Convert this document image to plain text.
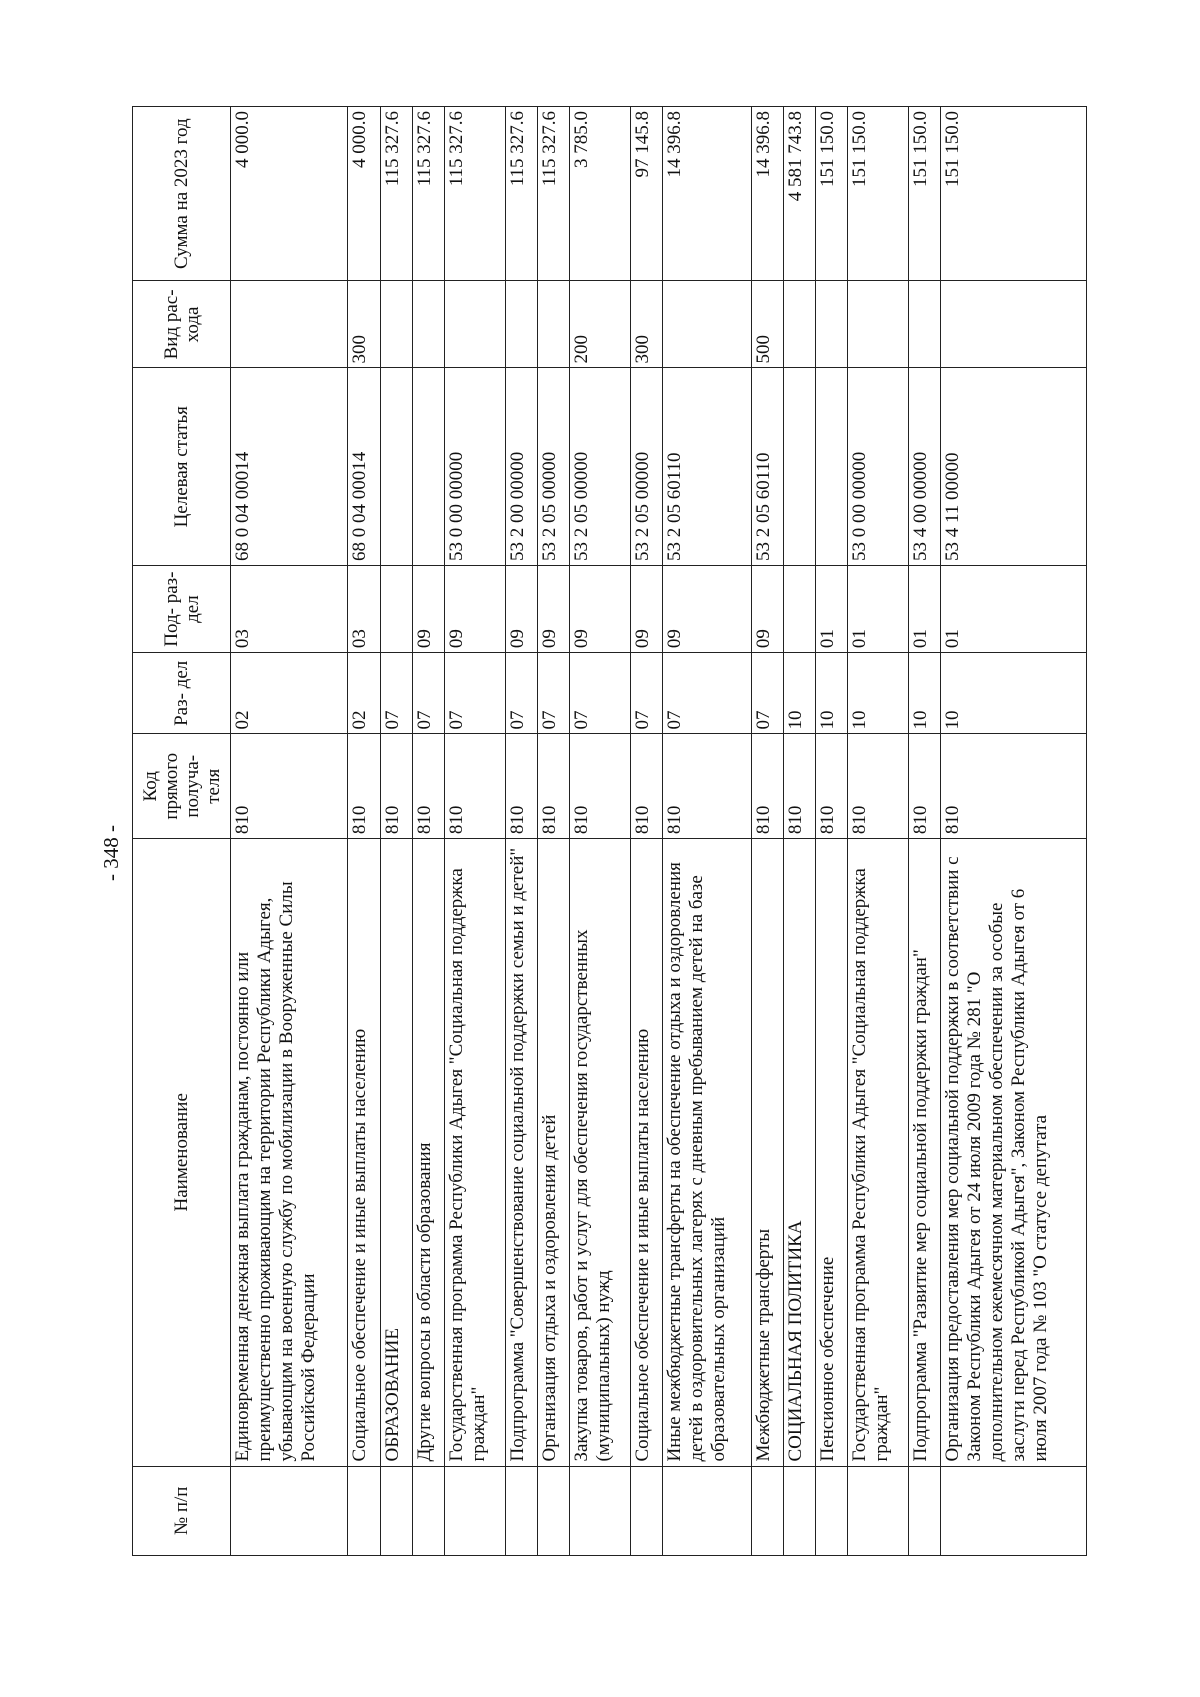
- 348 -
№ п/п	Наименование	Код прямого получа- теля	Раз- дел	Под- раз- дел	Целевая статья	Вид рас- хода	Сумма на 2023 год
	Единовременная денежная выплата гражданам, постоянно или преимущественно проживающим на территории Республики Адыгея, убывающим на военную службу по мобилизации в Вооруженные Силы Российской Федерации	810	02	03	68 0 04 00014		4 000.0
	Социальное обеспечение и иные выплаты населению	810	02	03	68 0 04 00014	300	4 000.0
	ОБРАЗОВАНИЕ	810	07				115 327.6
	Другие вопросы в области образования	810	07	09			115 327.6
	Государственная программа Республики Адыгея "Социальная поддержка граждан"	810	07	09	53 0 00 00000		115 327.6
	Подпрограмма "Совершенствование социальной поддержки семьи и детей"	810	07	09	53 2 00 00000		115 327.6
	Организация отдыха и оздоровления детей	810	07	09	53 2 05 00000		115 327.6
	Закупка товаров, работ и услуг для обеспечения государственных (муниципальных) нужд	810	07	09	53 2 05 00000	200	3 785.0
	Социальное обеспечение и иные выплаты населению	810	07	09	53 2 05 00000	300	97 145.8
	Иные межбюджетные трансферты на обеспечение отдыха и оздоровления детей в оздоровительных лагерях с дневным пребыванием детей на базе образовательных организаций	810	07	09	53 2 05 60110		14 396.8
	Межбюджетные трансферты	810	07	09	53 2 05 60110	500	14 396.8
	СОЦИАЛЬНАЯ ПОЛИТИКА	810	10				4 581 743.8
	Пенсионное обеспечение	810	10	01			151 150.0
	Государственная программа Республики Адыгея "Социальная поддержка граждан"	810	10	01	53 0 00 00000		151 150.0
	Подпрограмма "Развитие мер социальной поддержки граждан"	810	10	01	53 4 00 00000		151 150.0
	Организация предоставления мер социальной поддержки в соответствии с Законом Республики Адыгея от 24 июля 2009 года № 281 "О дополнительном ежемесячном материальном обеспечении за особые заслуги перед Республикой Адыгея", Законом Республики Адыгея от 6 июля 2007 года № 103 "О статусе депутата	810	10	01	53 4 11 00000		151 150.0
